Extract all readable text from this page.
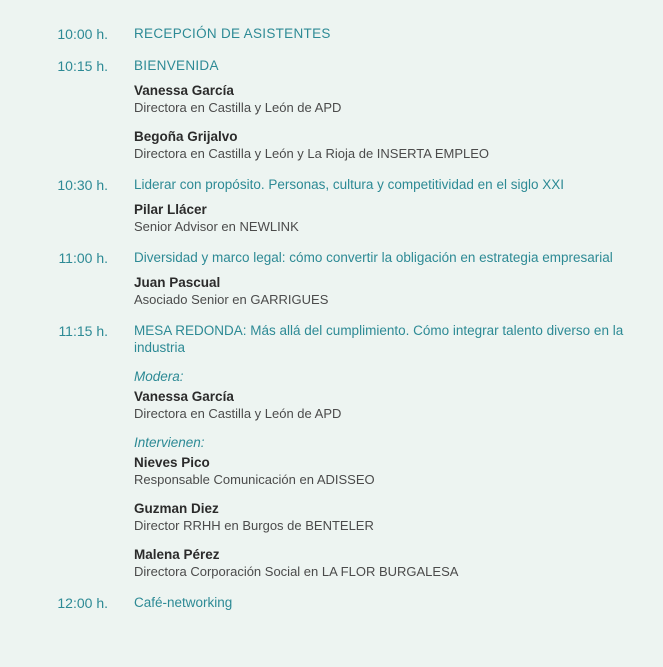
10:00 h. RECEPCIÓN DE ASISTENTES
10:15 h. BIENVENIDA
Vanessa García
Directora en Castilla y León de APD
Begoña Grijalvo
Directora en Castilla y León y La Rioja de INSERTA EMPLEO
10:30 h. Liderar con propósito. Personas, cultura y competitividad en el siglo XXI
Pilar Llácer
Senior Advisor en NEWLINK
11:00 h. Diversidad y marco legal: cómo convertir la obligación en estrategia empresarial
Juan Pascual
Asociado Senior en GARRIGUES
11:15 h. MESA REDONDA: Más allá del cumplimiento. Cómo integrar talento diverso en la industria
Modera:
Vanessa García
Directora en Castilla y León de APD
Intervienen:
Nieves Pico
Responsable Comunicación en ADISSEO
Guzman Diez
Director RRHH en Burgos de BENTELER
Malena Pérez
Directora Corporación Social en LA FLOR BURGALESA
12:00 h. Café-networking
